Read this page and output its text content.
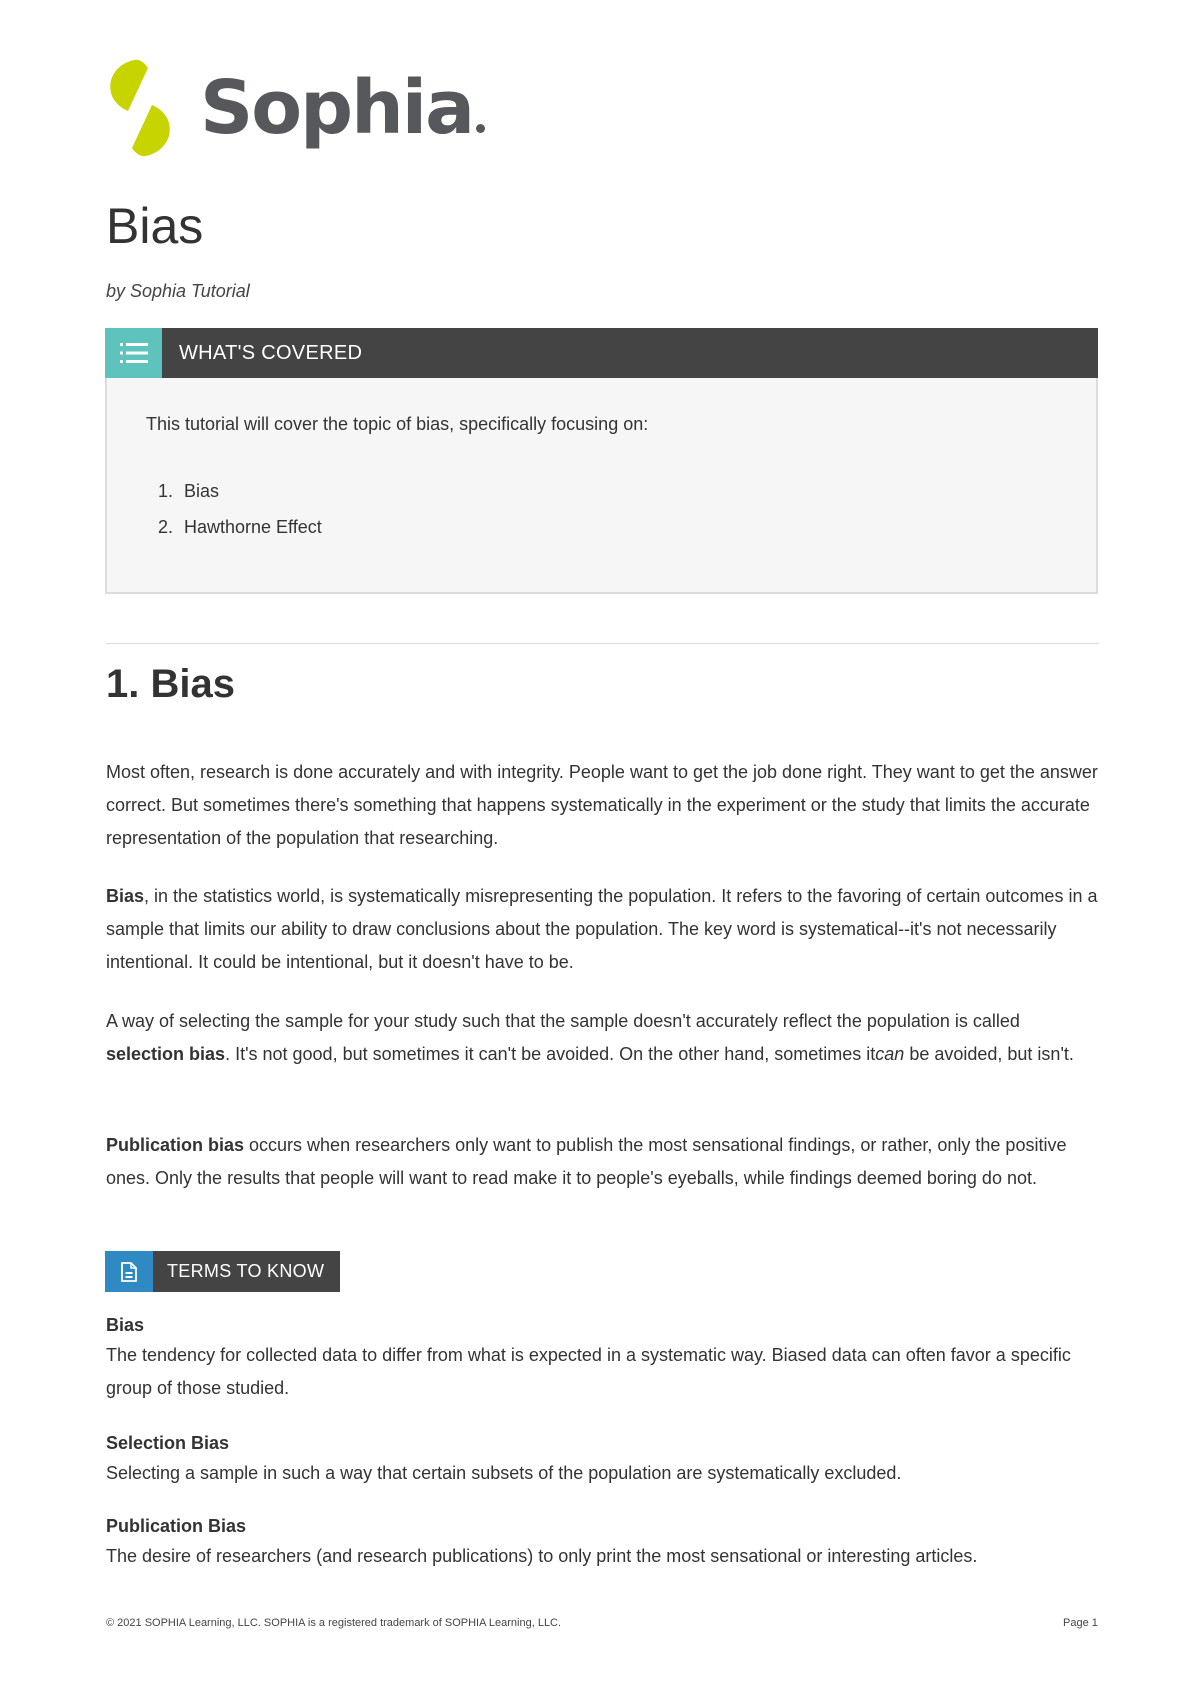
Sophia
Bias
by Sophia Tutorial
WHAT'S COVERED

This tutorial will cover the topic of bias, specifically focusing on:

1. Bias
2. Hawthorne Effect
1. Bias

Most often, research is done accurately and with integrity. People want to get the job done right. They want to get the answer correct. But sometimes there's something that happens systematically in the experiment or the study that limits the accurate representation of the population that researching.

Bias, in the statistics world, is systematically misrepresenting the population. It refers to the favoring of certain outcomes in a sample that limits our ability to draw conclusions about the population. The key word is systematical--it's not necessarily intentional. It could be intentional, but it doesn't have to be.

A way of selecting the sample for your study such that the sample doesn't accurately reflect the population is called selection bias. It's not good, but sometimes it can't be avoided. On the other hand, sometimes itcan be avoided, but isn't.

Publication bias occurs when researchers only want to publish the most sensational findings, or rather, only the positive ones. Only the results that people will want to read make it to people's eyeballs, while findings deemed boring do not.

TERMS TO KNOW
Bias
The tendency for collected data to differ from what is expected in a systematic way. Biased data can often favor a specific group of those studied.
Selection Bias
Selecting a sample in such a way that certain subsets of the population are systematically excluded.
Publication Bias
The desire of researchers (and research publications) to only print the most sensational or interesting articles.
© 2021 SOPHIA Learning, LLC. SOPHIA is a registered trademark of SOPHIA Learning, LLC.	Page 1
